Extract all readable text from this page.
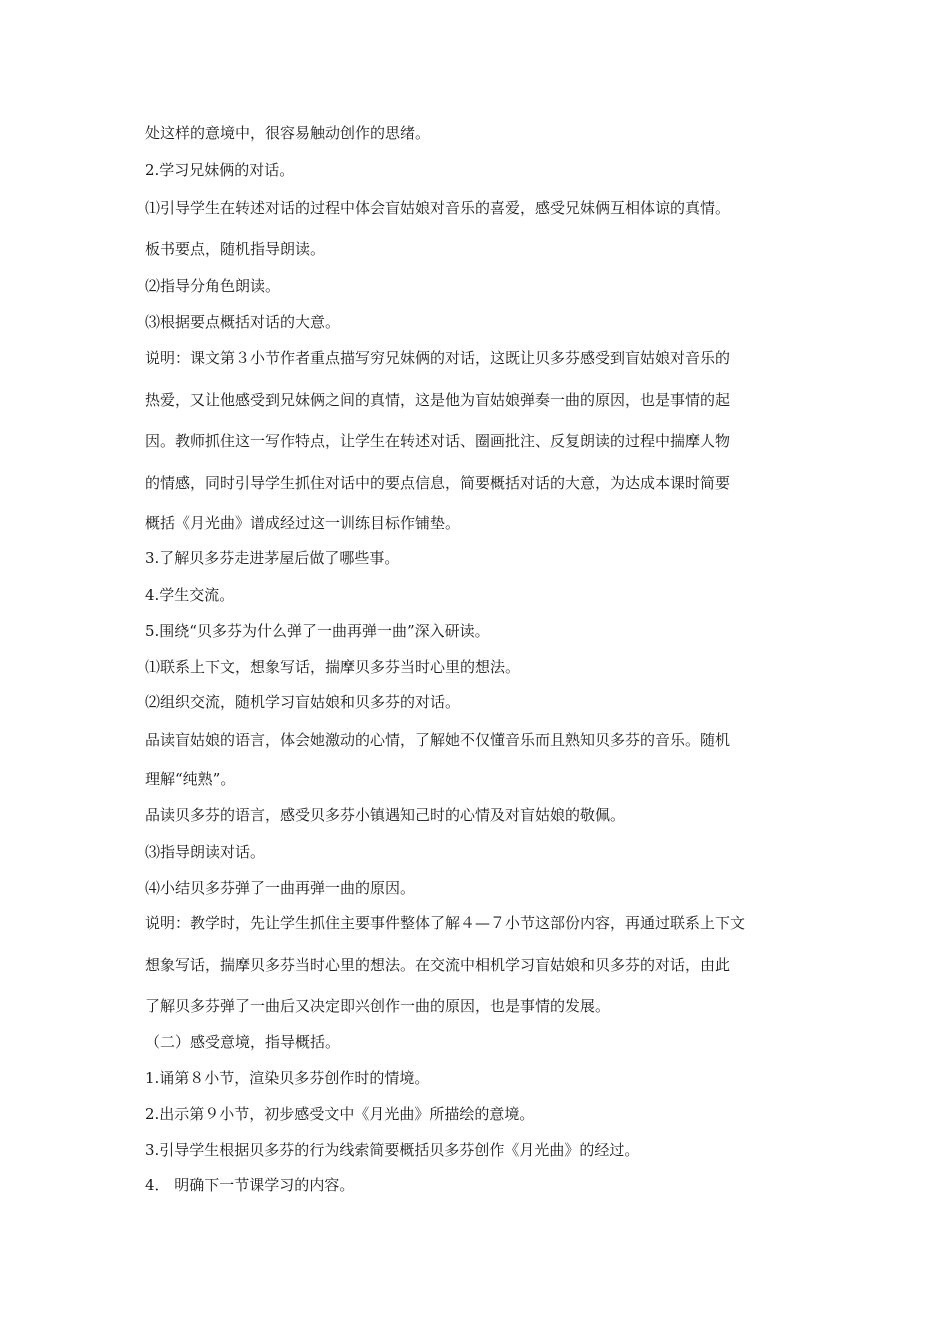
处这样的意境中，很容易触动创作的思绪。
2.学习兄妹俩的对话。
⑴引导学生在转述对话的过程中体会盲姑娘对音乐的喜爱，感受兄妹俩互相体谅的真情。
板书要点，随机指导朗读。
⑵指导分角色朗读。
⑶根据要点概括对话的大意。
说明：课文第３小节作者重点描写穷兄妹俩的对话，这既让贝多芬感受到盲姑娘对音乐的
热爱，又让他感受到兄妹俩之间的真情，这是他为盲姑娘弹奏一曲的原因，也是事情的起
因。教师抓住这一写作特点，让学生在转述对话、圈画批注、反复朗读的过程中揣摩人物
的情感，同时引导学生抓住对话中的要点信息，简要概括对话的大意，为达成本课时简要
概括《月光曲》谱成经过这一训练目标作铺垫。
3.了解贝多芬走进茅屋后做了哪些事。
4.学生交流。
5.围绕“贝多芬为什么弹了一曲再弹一曲”深入研读。
⑴联系上下文，想象写话，揣摩贝多芬当时心里的想法。
⑵组织交流，随机学习盲姑娘和贝多芬的对话。
品读盲姑娘的语言，体会她激动的心情，了解她不仅懂音乐而且熟知贝多芬的音乐。随机
理解“纯熟”。
品读贝多芬的语言，感受贝多芬小镇遇知己时的心情及对盲姑娘的敬佩。
⑶指导朗读对话。
⑷小结贝多芬弹了一曲再弹一曲的原因。
说明：教学时，先让学生抓住主要事件整体了解４—７小节这部份内容，再通过联系上下文
想象写话，揣摩贝多芬当时心里的想法。在交流中相机学习盲姑娘和贝多芬的对话，由此
了解贝多芬弹了一曲后又决定即兴创作一曲的原因，也是事情的发展。
（二）感受意境，指导概括。
1.诵第８小节，渲染贝多芬创作时的情境。
2.出示第９小节，初步感受文中《月光曲》所描绘的意境。
3.引导学生根据贝多芬的行为线索简要概括贝多芬创作《月光曲》的经过。
4． 明确下一节课学习的内容。
